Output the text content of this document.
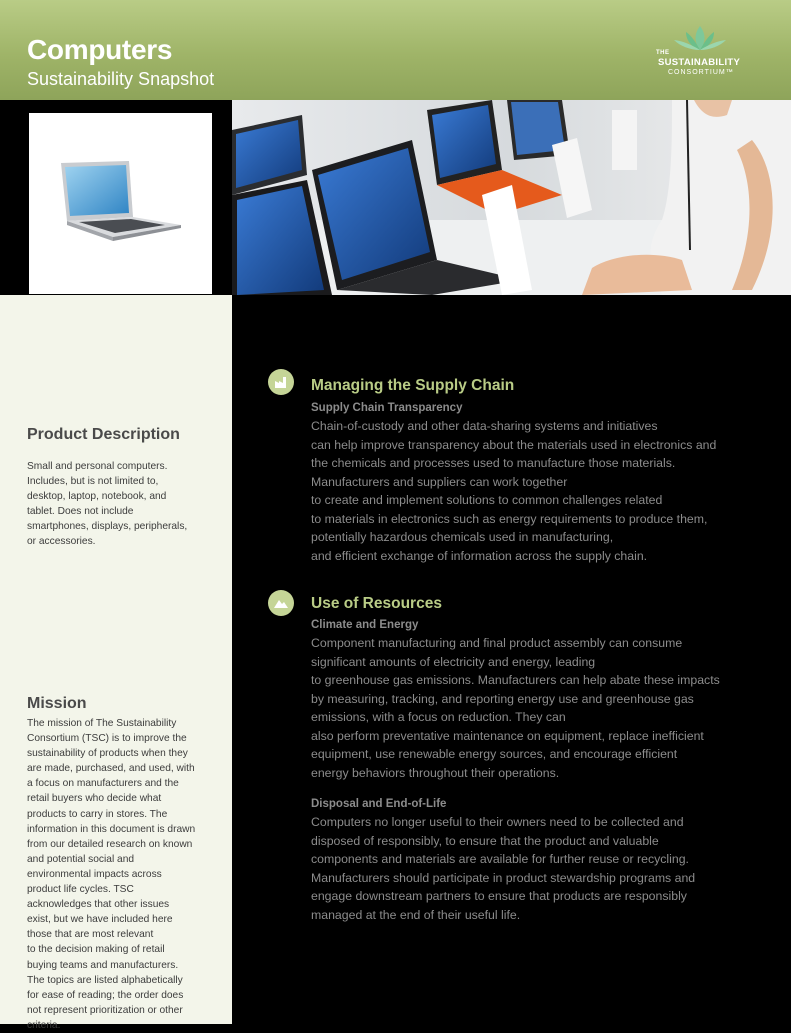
Computers
Sustainability Snapshot
THE
SUSTAINABILITY
CONSORTIUM™
Product Description

Small and personal computers.
Includes, but is not limited to,
desktop, laptop, notebook, and
tablet. Does not include
smartphones, displays, peripherals,
or accessories.

Mission

The mission of The Sustainability
Consortium (TSC) is to improve the
sustainability of products when they
are made, purchased, and used, with
a focus on manufacturers and the
retail buyers who decide what
products to carry in stores. The
information in this document is drawn
from our detailed research on known
and potential social and
environmental impacts across
product life cycles. TSC
acknowledges that other issues
exist, but we have included here
those that are most relevant
to the decision making of retail
buying teams and manufacturers.
The topics are listed alphabetically
for ease of reading; the order does
not represent prioritization or other
criteria.

Managing the Supply Chain
Supply Chain Transparency
Chain-of-custody and other data-sharing systems and initiatives
can help improve transparency about the materials used in electronics and
the chemicals and processes used to manufacture those materials.
Manufacturers and suppliers can work together
to create and implement solutions to common challenges related
to materials in electronics such as energy requirements to produce them,
potentially hazardous chemicals used in manufacturing,
and efficient exchange of information across the supply chain.
Use of Resources
Climate and Energy
Component manufacturing and final product assembly can consume
significant amounts of electricity and energy, leading
to greenhouse gas emissions. Manufacturers can help abate these impacts
by measuring, tracking, and reporting energy use and greenhouse gas
emissions, with a focus on reduction. They can
also perform preventative maintenance on equipment, replace inefficient
equipment, use renewable energy sources, and encourage efficient
energy behaviors throughout their operations.
Disposal and End-of-Life
Computers no longer useful to their owners need to be collected and
disposed of responsibly, to ensure that the product and valuable
components and materials are available for further reuse or recycling.
Manufacturers should participate in product stewardship programs and
engage downstream partners to ensure that products are responsibly
managed at the end of their useful life.
